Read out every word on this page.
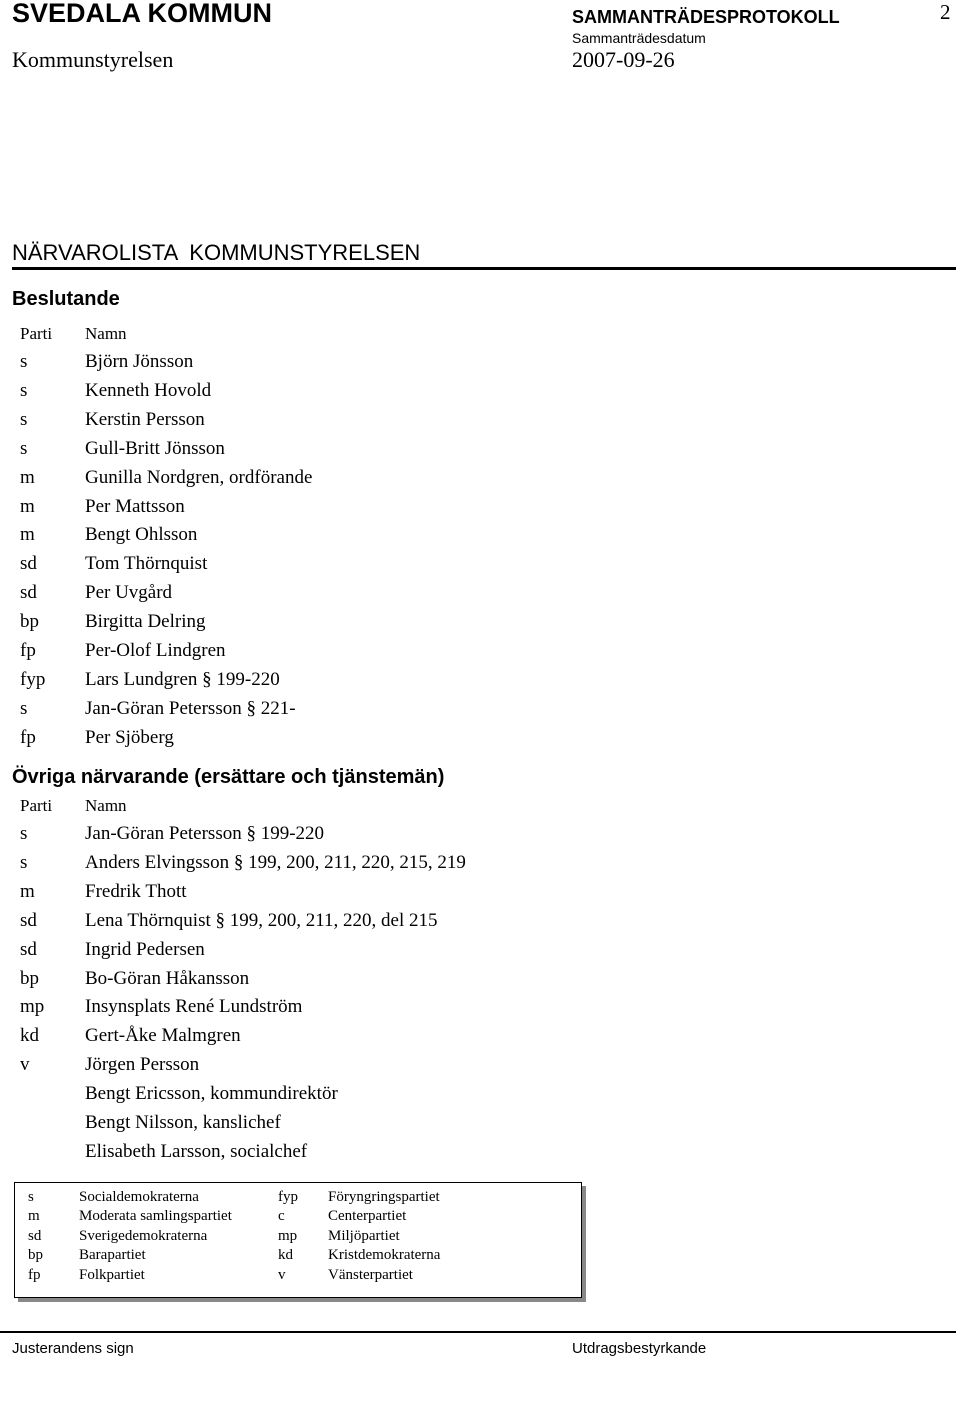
SVEDALA KOMMUN
Kommunstyrelsen
SAMMANTRÄDESPROTOKOLL
Sammanträdesdatum
2007-09-26
2
NÄRVAROLISTA  KOMMUNSTYRELSEN
Beslutande
Parti Namn
s	Björn Jönsson
s	Kenneth Hovold
s	Kerstin Persson
s	Gull-Britt Jönsson
m	Gunilla Nordgren, ordförande
m	Per Mattsson
m	Bengt Ohlsson
sd	Tom Thörnquist
sd	Per Uvgård
bp Birgitta Delring
fp	Per-Olof Lindgren
fyp Lars Lundgren § 199-220
s	Jan-Göran Petersson § 221-
fp	Per Sjöberg
Övriga närvarande (ersättare och tjänstemän)
Parti Namn
s	Jan-Göran Petersson § 199-220
s	Anders Elvingsson § 199, 200, 211, 220, 215, 219
m	Fredrik Thott
sd	Lena Thörnquist § 199, 200, 211, 220, del 215
sd	Ingrid Pedersen
bp Bo-Göran Håkansson
mp Insynsplats René Lundström
kd Gert-Åke Malmgren
v	Jörgen Persson
Bengt Ericsson, kommundirektör
Bengt Nilsson, kanslichef
Elisabeth Larsson, socialchef
s	Socialdemokraterna	fyp Föryngringspartiet
m	Moderata samlingspartiet	c	Centerpartiet
sd	Sverigedemokraterna	mp Miljöpartiet
bp Barapartiet	kd Kristdemokraterna
fp	Folkpartiet	v	Vänsterpartiet
Justerandens sign	Utdragsbestyrkande
